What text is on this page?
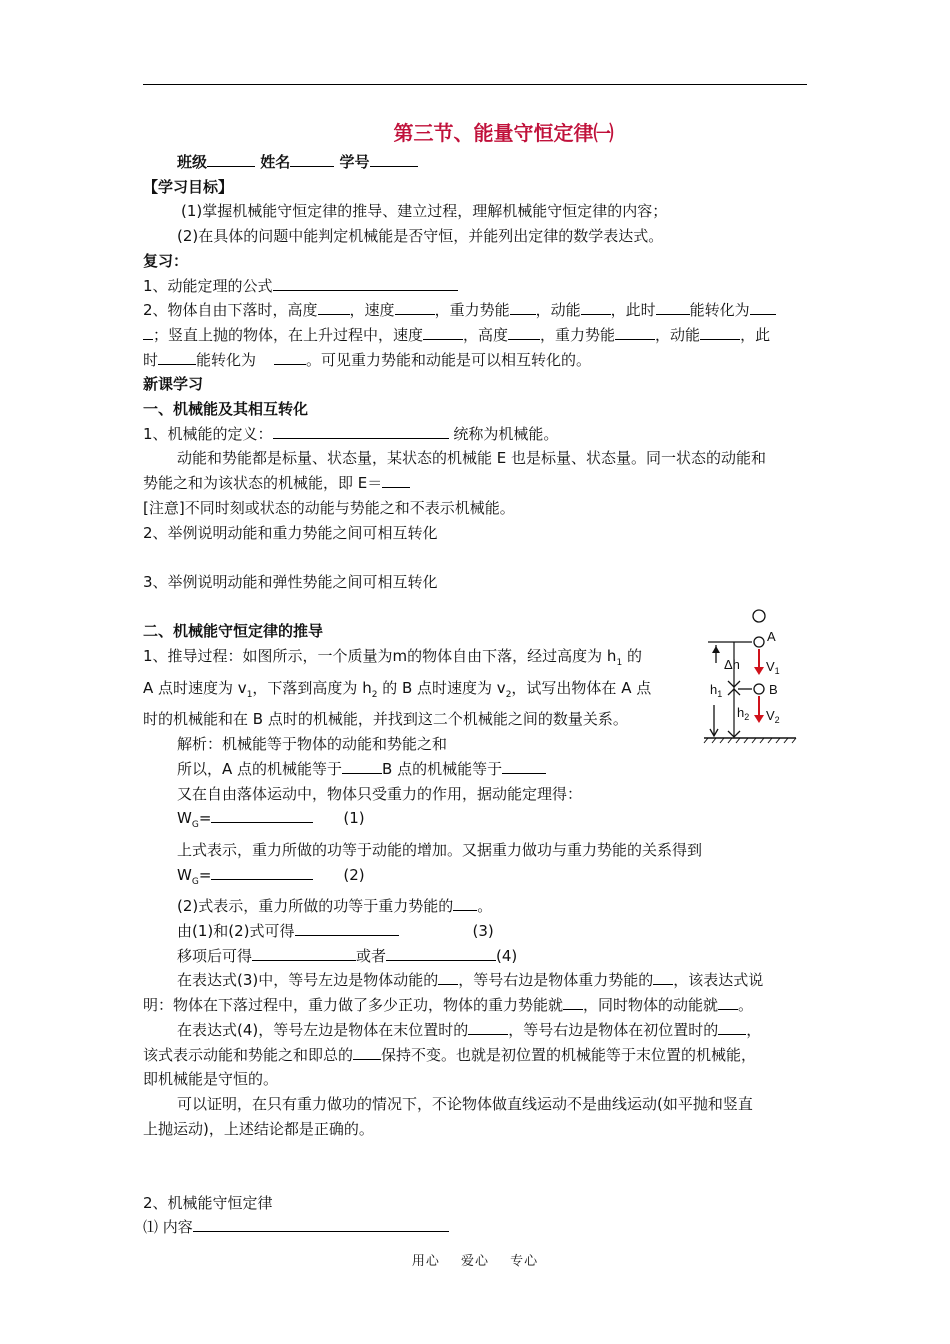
第三节、能量守恒定律㈠

班级	姓名	学号

【学习目标】

(1)掌握机械能守恒定律的推导、建立过程，理解机械能守恒定律的内容；

(2)在具体的问题中能判定机械能是否守恒，并能列出定律的数学表达式。

复习：

1、动能定理的公式

2、物体自由下落时，高度 ，速度	，重力势能 ，动能 ，此时 能转化为

；竖直上抛的物体，在上升过程中，速度	，高度 ，重力势能	，动能	，此

时	能转化为	。可见重力势能和动能是可以相互转化的。

新课学习

一、机械能及其相互转化

1、机械能的定义：	统称为机械能。

动能和势能都是标量、状态量，某状态的机械能 E 也是标量、状态量。同一状态的动能和

势能之和为该状态的机械能，即 E＝

[注意]不同时刻或状态的动能与势能之和不表示机械能。

2、举例说明动能和重力势能之间可相互转化

3、举例说明动能和弹性势能之间可相互转化

二、机械能守恒定律的推导

1、推导过程：如图所示，一个质量为m的物体自由下落，经过高度为 $h_1$ 的

A 点时速度为 $v_1$，下落到高度为 $h_2$ 的 B 点时速度为 $v_2$，试写出物体在 A 点

时的机械能和在 B 点时的机械能，并找到这二个机械能之间的数量关系。

解析：机械能等于物体的动能和势能之和

所以，A 点的机械能等于	B 点的机械能等于

又在自由落体运动中，物体只受重力的作用，据动能定理得：

$W_G=$	(1)

上式表示，重力所做的功等于动能的增加。又据重力做功与重力势能的关系得到

$W_G=$	(2)

(2)式表示，重力所做的功等于重力势能的 。

由(1)和(2)式可得	(3)

移项后可得	或者	(4)

在表达式(3)中，等号左边是物体动能的 ，等号右边是物体重力势能的 ，该表达式说

明：物体在下落过程中，重力做了多少正功，物体的重力势能就 ，同时物体的动能就 。

在表达式(4)，等号左边是物体在末位置时的	，等号右边是物体在初位置时的 ，

该式表示动能和势能之和即总的 保持不变。也就是初位置的机械能等于末位置的机械能，

即机械能是守恒的。

可以证明，在只有重力做功的情况下，不论物体做直线运动不是曲线运动(如平抛和竖直

上抛运动)，上述结论都是正确的。

2、机械能守恒定律

⑴ 内容

A
$V_1$
Δh
$h_1$	B
$V_2$
$h_2$
用心 爱心 专心
